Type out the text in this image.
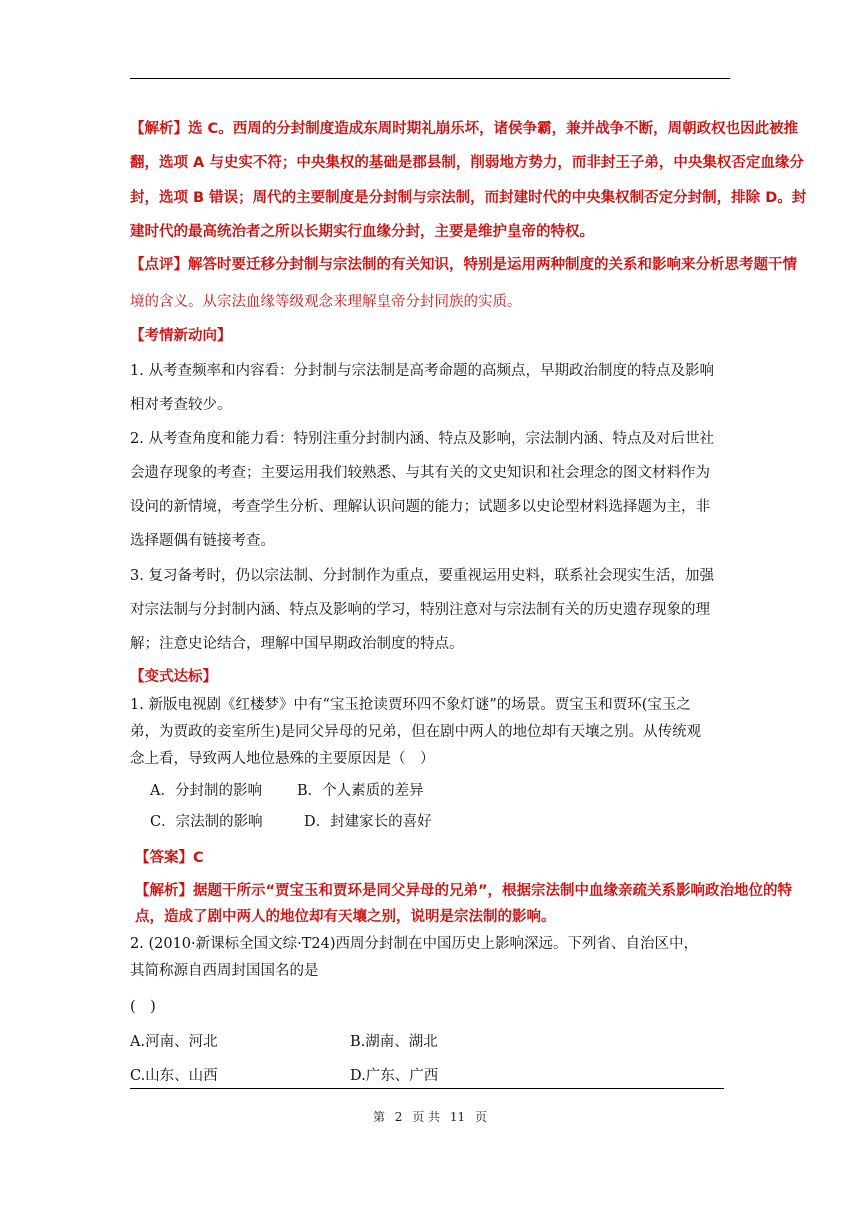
【解析】选 C。西周的分封制度造成东周时期礼崩乐坏，诸侯争霸，兼并战争不断，周朝政权也因此被推
翻，选项 A 与史实不符；中央集权的基础是郡县制，削弱地方势力，而非封王子弟，中央集权否定血缘分
封，选项 B 错误；周代的主要制度是分封制与宗法制，而封建时代的中央集权制否定分封制，排除 D。封
建时代的最高统治者之所以长期实行血缘分封，主要是维护皇帝的特权。
【点评】解答时要迁移分封制与宗法制的有关知识，特别是运用两种制度的关系和影响来分析思考题干情
境的含义。从宗法血缘等级观念来理解皇帝分封同族的实质。
【考情新动向】
1. 从考查频率和内容看：分封制与宗法制是高考命题的高频点，早期政治制度的特点及影响
相对考查较少。
2. 从考查角度和能力看：特别注重分封制内涵、特点及影响，宗法制内涵、特点及对后世社
会遗存现象的考查；主要运用我们较熟悉、与其有关的文史知识和社会理念的图文材料作为
设问的新情境，考查学生分析、理解认识问题的能力；试题多以史论型材料选择题为主，非
选择题偶有链接考查。
3. 复习备考时，仍以宗法制、分封制作为重点，要重视运用史料，联系社会现实生活，加强
对宗法制与分封制内涵、特点及影响的学习，特别注意对与宗法制有关的历史遗存现象的理
解；注意史论结合，理解中国早期政治制度的特点。
【变式达标】
1. 新版电视剧《红楼梦》中有“宝玉抢读贾环四不象灯谜”的场景。贾宝玉和贾环(宝玉之
弟，为贾政的妾室所生)是同父异母的兄弟，但在剧中两人的地位却有天壤之别。从传统观
念上看，导致两人地位悬殊的主要原因是（　）
A．分封制的影响 B．个人素质的差异
C．宗法制的影响	D．封建家长的喜好
【答案】C
【解析】据题干所示“贾宝玉和贾环是同父异母的兄弟”，根据宗法制中血缘亲疏关系影响政治地位的特
点，造成了剧中两人的地位却有天壤之别，说明是宗法制的影响。
2. (2010·新课标全国文综·T24)西周分封制在中国历史上影响深远。下列省、自治区中，
其简称源自西周封国国名的是
(　)
A.河南、河北	B.湖南、湖北
C.山东、山西	D.广东、广西
第 2 页 共 11 页
